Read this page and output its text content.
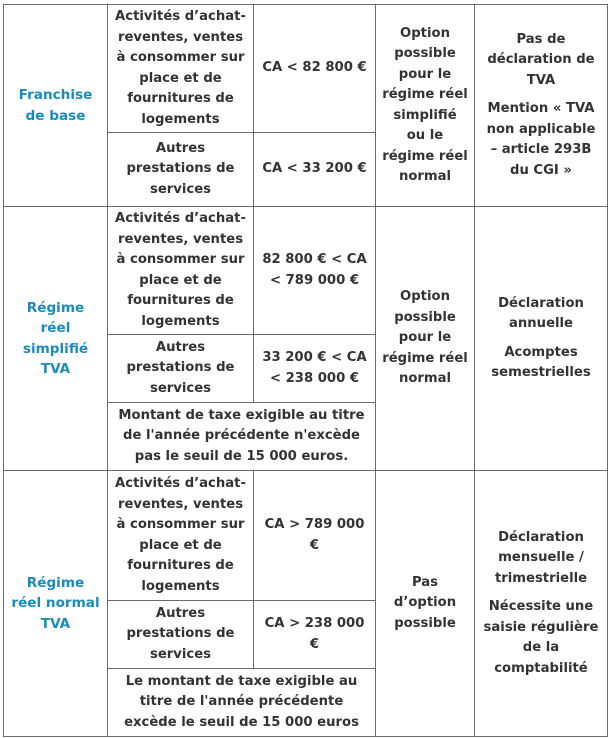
Franchise de base	Activités d’achat-reventes, ventes à consommer sur place et de fournitures de logements	CA < 82 800 €	Option possible pour le régime réel simplifié ou le régime réel normal	Pas de déclaration de TVA
Mention « TVA non applicable – article 293B du CGI »

	Autres prestations de services	CA < 33 200 €		
Régime réel simplifié TVA	Activités d’achat-reventes, ventes à consommer sur place et de fournitures de logements	82 800 € < CA < 789 000 €	Option possible pour le régime réel normal	Déclaration annuelle
Acomptes semestrielles

	Autres prestations de services	33 200 € < CA < 238 000 €		
	Montant de taxe exigible au titre de l'année précédente n'excède pas le seuil de 15 000 euros.			
Régime réel normal TVA	Activités d’achat-reventes, ventes à consommer sur place et de fournitures de logements	CA > 789 000 €	Pas d’option possible	Déclaration mensuelle / trimestrielle
Nécessite une saisie régulière de la comptabilité

	Autres prestations de services	CA > 238 000 €		
	Le montant de taxe exigible au titre de l'année précédente excède le seuil de 15 000 euros			
